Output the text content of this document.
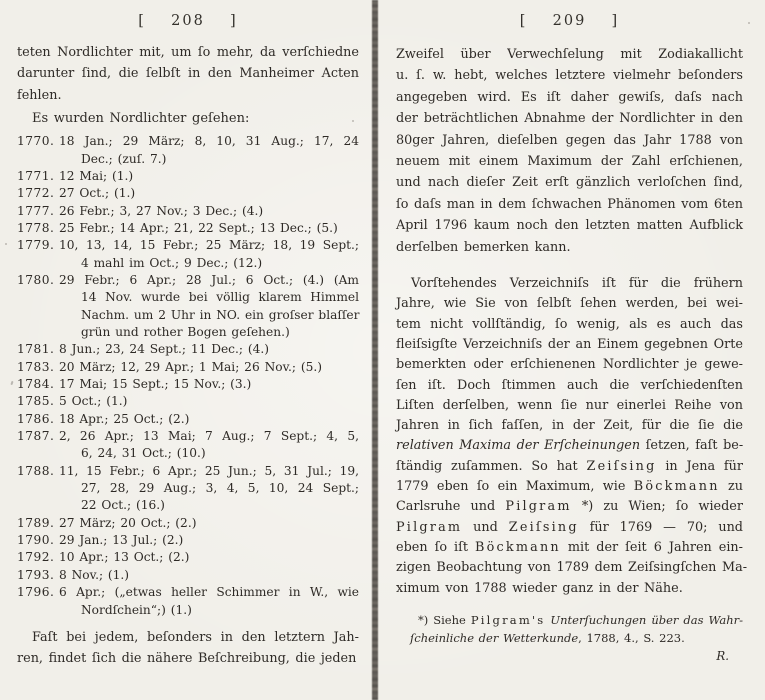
[  208  ]
teten Nordlichter mit, um ſo mehr, da verſchiedne
darunter ſind, die ſelbſt in den Manheimer Acten
fehlen.
Es wurden Nordlichter geſehen:
1770. 18 Jan.; 29 März; 8, 10, 31 Aug.; 17, 24
Dec.; (zuſ. 7.)
1771. 12 Mai; (1.)
1772. 27 Oct.; (1.)
1777. 26 Febr.; 3, 27 Nov.; 3 Dec.; (4.)
1778. 25 Febr.; 14 Apr.; 21, 22 Sept.; 13 Dec.; (5.)
1779. 10, 13, 14, 15 Febr.; 25 März; 18, 19 Sept.;
4 mahl im Oct.; 9 Dec.; (12.)
1780. 29 Febr.; 6 Apr.; 28 Jul.; 6 Oct.; (4.) (Am
14 Nov. wurde bei völlig klarem Himmel
Nachm. um 2 Uhr in NO. ein groſser blaſſer
grün und rother Bogen geſehen.)
1781. 8 Jun.; 23, 24 Sept.; 11 Dec.; (4.)
1783. 20 März; 12, 29 Apr.; 1 Mai; 26 Nov.; (5.)
1784. 17 Mai; 15 Sept.; 15 Nov.; (3.)
1785. 5 Oct.; (1.)
1786. 18 Apr.; 25 Oct.; (2.)
1787. 2, 26 Apr.; 13 Mai; 7 Aug.; 7 Sept.; 4, 5,
6, 24, 31 Oct.; (10.)
1788. 11, 15 Febr.; 6 Apr.; 25 Jun.; 5, 31 Jul.; 19,
27, 28, 29 Aug.; 3, 4, 5, 10, 24 Sept.;
22 Oct.; (16.)
1789. 27 März; 20 Oct.; (2.)
1790. 29 Jan.; 13 Jul.; (2.)
1792. 10 Apr.; 13 Oct.; (2.)
1793. 8 Nov.; (1.)
1796. 6 Apr.; („etwas heller Schimmer in W., wie
Nordſchein“;) (1.)
Faſt bei jedem, beſonders in den letztern Jah-
ren, findet ſich die nähere Beſchreibung, die jeden
[  209  ]
Zweifel über Verwechſelung mit Zodiakallicht
u. ſ. w. hebt, welches letztere vielmehr beſonders
angegeben wird. Es iſt daher gewiſs, daſs nach
der beträchtlichen Abnahme der Nordlichter in den
80ger Jahren, dieſelben gegen das Jahr 1788 von
neuem mit einem Maximum der Zahl erſchienen,
und nach dieſer Zeit erſt gänzlich verloſchen ſind,
ſo daſs man in dem ſchwachen Phänomen vom 6ten
April 1796 kaum noch den letzten matten Aufblick
derſelben bemerken kann.
Vorſtehendes Verzeichniſs iſt für die frühern
Jahre, wie Sie von ſelbſt ſehen werden, bei wei-
tem nicht vollſtändig, ſo wenig, als es auch das
fleiſsigſte Verzeichniſs der an Einem gegebnen Orte
bemerkten oder erſchienenen Nordlichter je gewe-
ſen iſt. Doch ſtimmen auch die verſchiedenſten
Liſten derſelben, wenn ſie nur einerlei Reihe von
Jahren in ſich faſſen, in der Zeit, für die ſie die
relativen Maxima der Erſcheinungen ſetzen, faſt be-
ſtändig zuſammen. So hat Zeiſsing in Jena für
1779 eben ſo ein Maximum, wie Böckmann zu
Carlsruhe und Pilgram *) zu Wien; ſo wieder
Pilgram und Zeiſsing für 1769 — 70; und
eben ſo iſt Böckmann mit der ſeit 6 Jahren ein-
zigen Beobachtung von 1789 dem Zeiſsingſchen Ma-
ximum von 1788 wieder ganz in der Nähe.
*) Siehe Pilgram's Unterſuchungen über das Wahr-
ſcheinliche der Wetterkunde, 1788, 4., S. 223.
R.
